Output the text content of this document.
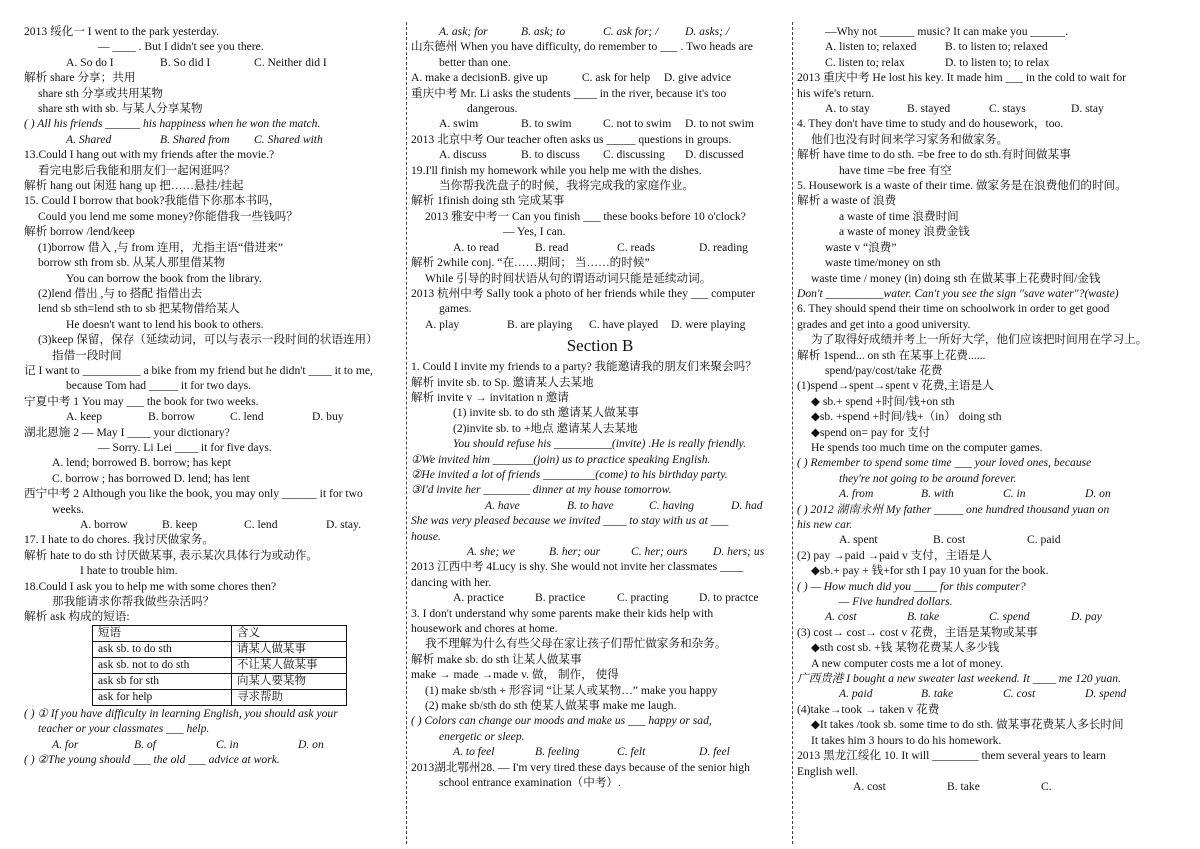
2013 绥化一 I went to the park yesterday.
— ____ . But I didn't see you there.
A. So do I	B. So did I	C. Neither did I
解析 share 分享；共用
share sth 分享或共用某物
share sth with sb. 与某人分享某物
( ) All his friends ______ his happiness when he won the match.
A. Shared	B. Shared from	C. Shared with
13.Could I hang out with my friends after the movie.?
看完电影后我能和朋友们一起闲逛吗？
解析 hang out 闲逛 hang up 把……悬挂/挂起
15. Could I borrow that book?我能借下你那本书吗，
Could you lend me some money?你能借我一些钱吗？
解析 borrow /lend/keep
(1)borrow 借入 ,与 from 连用，尤指主语“借进来”
borrow sth from sb. 从某人那里借某物
You can borrow the book from the library.
(2)lend 借出 ,与 to 搭配 指借出去
lend sb sth=lend sth to sb 把某物借给某人
He doesn't want to lend his book to others.
(3)keep 保留，保存（延续动词，可以与表示一段时间的状语连用）
指借一段时间
记 I want to __________ a bike from my friend but he didn't ____ it to me,
because Tom had _____ it for two days.
宁夏中考 1 You may ___ the book for two weeks.
A. keep	B. borrow	C. lend	D. buy
湖北恩施 2 — May I ____ your dictionary?
— Sorry. Li Lei ____ it for five days.
A. lend; borrowed B. borrow; has kept
C. borrow ; has borrowed D. lend; has lent
西宁中考 2 Although you like the book, you may only ______ it for two
weeks.
A. borrow	B. keep	C. lend	D. stay.
17. I hate to do chores. 我讨厌做家务。
解析 hate to do sth 讨厌做某事, 表示某次具体行为或动作。
I hate to trouble him.
18.Could I ask you to help me with some chores then?
那我能请求你帮我做些杂活吗？
解析 ask 构成的短语:
短语	含义
ask sb. to do sth	请某人做某事
ask sb. not to do sth	不让某人做某事
ask sb for sth	向某人要某物
ask for help	寻求帮助
( ) ① If you have difficulty in learning English, you should ask your
teacher or your classmates ___ help.
A. for	B. of	C. in	D. on
( ) ②The young should ___ the old ___ advice at work.
A. ask; for	B. ask; to	C. ask for; /	D. asks; /
山东德州 When you have difficulty, do remember to ___ . Two heads are
better than one.
A. make a decision B. give up	C. ask for help	D. give advice
重庆中考 Mr. Li asks the students ____ in the river, because it's too
dangerous.
A. swim	B. to swim	C. not to swim	D. to not swim
2013 北京中考 Our teacher often asks us _____ questions in groups.
A. discuss	B. to discuss	C. discussing	D. discussed
19.I'll finish my homework while you help me with the dishes.
当你帮我洗盘子的时候，我将完成我的家庭作业。
解析 1finish doing sth 完成某事
2013 雅安中考一 Can you finish ___ these books before 10 o'clock?
— Yes, I can.
A. to read	B. read	C. reads	D. reading
解析 2while conj. “在……期间； 当……的时候”
While 引导的时间状语从句的谓语动词只能是延续动词。
2013 杭州中考 Sally took a photo of her friends while they ___ computer
games.
A. play	B. are playing	C. have played	D. were playing
Section B
1. Could I invite my friends to a party? 我能邀请我的朋友们来聚会吗？
解析 invite sb. to Sp. 邀请某人去某地
解析 invite v → invitation n 邀请
(1) invite sb. to do sth 邀请某人做某事
(2)invite sb. to +地点 邀请某人去某地
You should refuse his __________(invite) .He is really friendly.
①We invited him _______(join) us to practice speaking English.
②He invited a lot of friends _________(come) to his birthday party.
③I'd invite her ________ dinner at my house tomorrow.
A. have	B. to have	C. having	D. had
She was very pleased because we invited ____ to stay with us at ___
house.
A. she; we	B. her; our	C. her; ours	D. hers; us
2013 江西中考 4Lucy is shy. She would not invite her classmates ____
dancing with her.
A. practice	B. practice	C. practing	D. to practce
3. I don't understand why some parents make their kids help with
housework and chores at home.
我不理解为什么有些父母在家让孩子们帮忙做家务和杂务。
解析 make sb. do sth 让某人做某事
make → made →made v. 做， 制作， 使得
(1) make sb/sth + 形容词 “让某人或某物…” make you happy
(2) make sb/sth do sth 使某人做某事 make me laugh.
( ) Colors can change our moods and make us ___ happy or sad,
energetic or sleep.
A. to feel	B. feeling	C. felt	D. feel
2013湖北鄂州28. — I'm very tired these days because of the senior high
school entrance examination（中考）.
—Why not ______ music? It can make you ______.
A. listen to; relaxed	B. to listen to; relaxed
C. listen to; relax	D. to listen to; to relax
2013 重庆中考 He lost his key. It made him ___ in the cold to wait for
his wife's return.
A. to stay	B. stayed	C. stays	D. stay
4. They don't have time to study and do housework，too.
他们也没有时间来学习家务和做家务。
解析 have time to do sth. =be free to do sth.有时间做某事
have time =be free 有空
5. Housework is a waste of their time. 做家务是在浪费他们的时间。
解析 a waste of 浪费
a waste of time 浪费时间
a waste of money 浪费金钱
waste v “浪费”
waste time/money on sth
waste time / money (in) doing sth 在做某事上花费时间/金钱
Don't __________water. Can't you see the sign "save water"?(waste)
6. They should spend their time on schoolwork in order to get good
grades and get into a good university.
为了取得好成绩并考上一所好大学，他们应该把时间用在学习上。
解析 1spend... on sth 在某事上花费......
spend/pay/cost/take 花费
(1)spend→spent→spent v 花费,主语是人
◆ sb.+ spend +时间/钱+on sth
◆sb. +spend +时间/钱+（in） doing sth
◆spend on= pay for 支付
He spends too much time on the computer games.
( ) Remember to spend some time ___ your loved ones, because
they're not going to be around forever.
A. from	B. with	C. in	D. on
( ) 2012 湖南永州 My father _____ one hundred thousand yuan on
his new car.
A. spent	B. cost	C. paid
(2) pay →paid →paid v 支付，主语是人
◆sb.+ pay + 钱+for sth I pay 10 yuan for the book.
( ) — How much did you ____ for this computer?
— Five hundred dollars.
A. cost	B. take	C. spend	D. pay
(3) cost→ cost→ cost v 花费，主语是某物或某事
◆sth cost sb. +钱 某物花费某人多少钱
A new computer costs me a lot of money.
广西贵港 I bought a new sweater last weekend. It ____ me 120 yuan.
A. paid	B. take	C. cost	D. spend
(4)take→took → taken v 花费
◆It takes /took sb. some time to do sth. 做某事花费某人多长时间
It takes him 3 hours to do his homework.
2013 黑龙江绥化 10. It will ________ them several years to learn
English well.
A. cost	B. take	C.
